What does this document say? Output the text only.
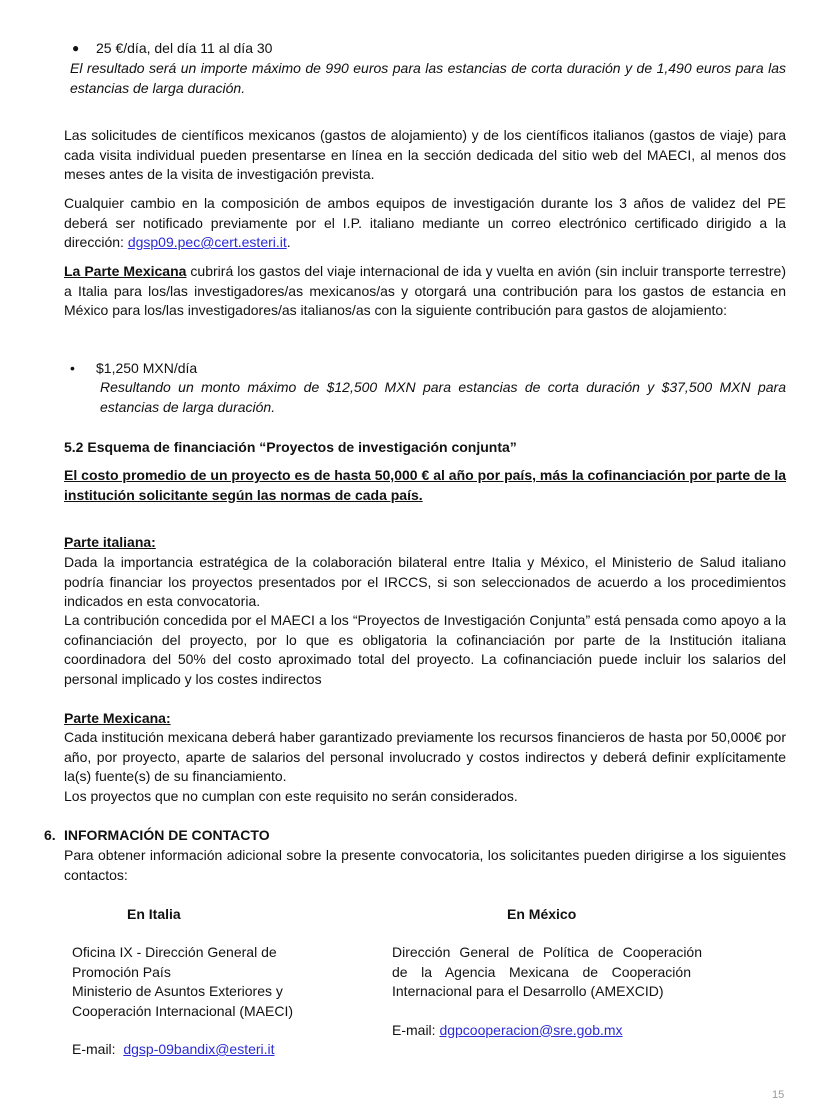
● 25 €/día, del día 11 al día 30

El resultado será un importe máximo de 990 euros para las estancias de corta duración y de 1,490 euros para las estancias de larga duración.

Las solicitudes de científicos mexicanos (gastos de alojamiento) y de los científicos italianos (gastos de viaje) para cada visita individual pueden presentarse en línea en la sección dedicada del sitio web del MAECI, al menos dos meses antes de la visita de investigación prevista.

Cualquier cambio en la composición de ambos equipos de investigación durante los 3 años de validez del PE deberá ser notificado previamente por el I.P. italiano mediante un correo electrónico certificado dirigido a la dirección: dgsp09.pec@cert.esteri.it.

La Parte Mexicana cubrirá los gastos del viaje internacional de ida y vuelta en avión (sin incluir transporte terrestre) a Italia para los/las investigadores/as mexicanos/as y otorgará una contribución para los gastos de estancia en México para los/las investigadores/as italianos/as con la siguiente contribución para gastos de alojamiento:

• $1,250 MXN/día

Resultando un monto máximo de $12,500 MXN para estancias de corta duración y $37,500 MXN para estancias de larga duración.

5.2 Esquema de financiación “Proyectos de investigación conjunta”

El costo promedio de un proyecto es de hasta 50,000 € al año por país, más la cofinanciación por parte de la institución solicitante según las normas de cada país.

Parte italiana:

Dada la importancia estratégica de la colaboración bilateral entre Italia y México, el Ministerio de Salud italiano podría financiar los proyectos presentados por el IRCCS, si son seleccionados de acuerdo a los procedimientos indicados en esta convocatoria.

La contribución concedida por el MAECI a los “Proyectos de Investigación Conjunta” está pensada como apoyo a la cofinanciación del proyecto, por lo que es obligatoria la cofinanciación por parte de la Institución italiana coordinadora del 50% del costo aproximado total del proyecto. La cofinanciación puede incluir los salarios del personal implicado y los costes indirectos

Parte Mexicana:

Cada institución mexicana deberá haber garantizado previamente los recursos financieros de hasta por 50,000€ por año, por proyecto, aparte de salarios del personal involucrado y costos indirectos y deberá definir explícitamente la(s) fuente(s) de su financiamiento.

Los proyectos que no cumplan con este requisito no serán considerados.

6. INFORMACIÓN DE CONTACTO

Para obtener información adicional sobre la presente convocatoria, los solicitantes pueden dirigirse a los siguientes contactos:

En Italia	En México

Oficina IX - Dirección General de

Promoción País

Ministerio de Asuntos Exteriores y

Cooperación Internacional (MAECI)

E-mail: dgsp-09bandix@esteri.it

Dirección General de Política de Cooperación

de la Agencia Mexicana de Cooperación

Internacional para el Desarrollo (AMEXCID)

E-mail: dgpcooperacion@sre.gob.mx

15
